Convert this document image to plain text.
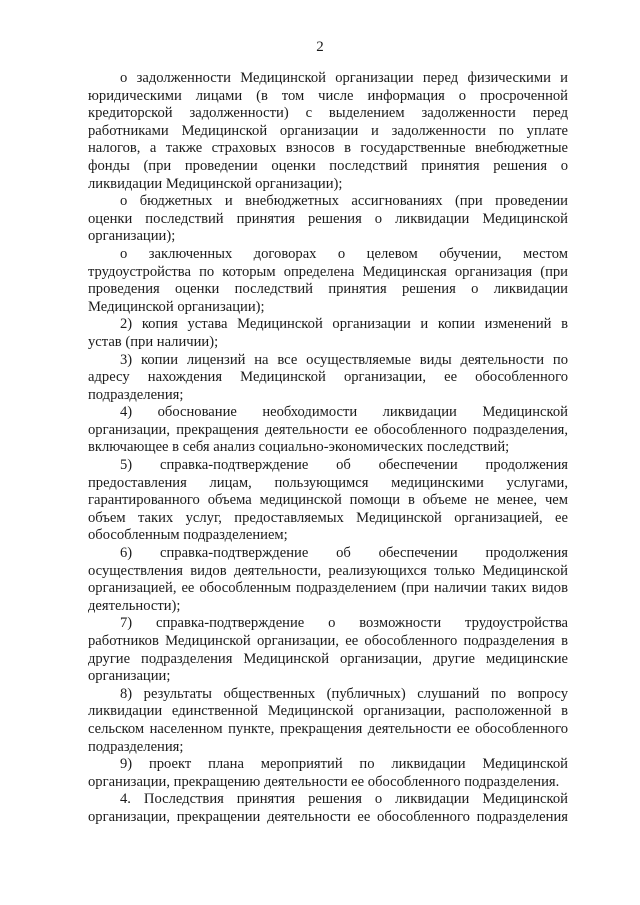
2
о задолженности Медицинской организации перед физическими и
юридическими лицами (в том числе информация о просроченной
кредиторской задолженности) с выделением задолженности перед
работниками Медицинской организации и задолженности по уплате
налогов, а также страховых взносов в государственные внебюджетные
фонды (при проведении оценки последствий принятия решения о
ликвидации Медицинской организации);
о бюджетных и внебюджетных ассигнованиях (при проведении
оценки последствий принятия решения о ликвидации Медицинской
организации);
о заключенных договорах о целевом обучении, местом
трудоустройства по которым определена Медицинская организация (при
проведения оценки последствий принятия решения о ликвидации
Медицинской организации);
2) копия устава Медицинской организации и копии изменений в
устав (при наличии);
3) копии лицензий на все осуществляемые виды деятельности по
адресу нахождения Медицинской организации, ее обособленного
подразделения;
4) обоснование необходимости ликвидации Медицинской
организации, прекращения деятельности ее обособленного подразделения,
включающее в себя анализ социально-экономических последствий;
5) справка-подтверждение об обеспечении продолжения
предоставления лицам, пользующимся медицинскими услугами,
гарантированного объема медицинской помощи в объеме не менее, чем
объем таких услуг, предоставляемых Медицинской организацией, ее
обособленным подразделением;
6) справка-подтверждение об обеспечении продолжения
осуществления видов деятельности, реализующихся только Медицинской
организацией, ее обособленным подразделением (при наличии таких видов
деятельности);
7) справка-подтверждение о возможности трудоустройства
работников Медицинской организации, ее обособленного подразделения в
другие подразделения Медицинской организации, другие медицинские
организации;
8) результаты общественных (публичных) слушаний по вопросу
ликвидации единственной Медицинской организации, расположенной в
сельском населенном пункте, прекращения деятельности ее обособленного
подразделения;
9) проект плана мероприятий по ликвидации Медицинской
организации, прекращению деятельности ее обособленного подразделения.
4. Последствия принятия решения о ликвидации Медицинской
организации, прекращении деятельности ее обособленного подразделения
